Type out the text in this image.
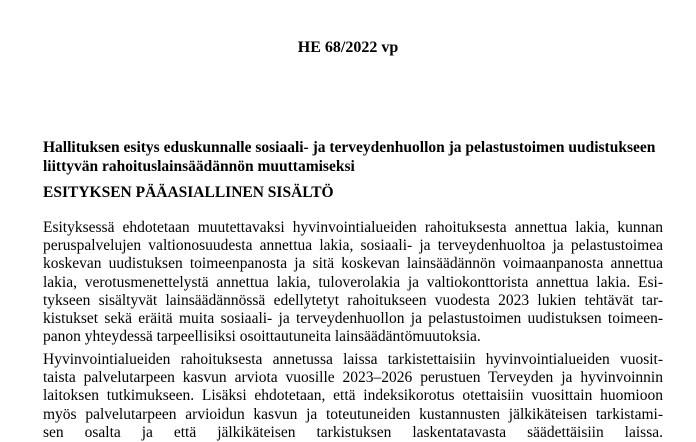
HE 68/2022 vp

Hallituksen esitys eduskunnalle sosiaali- ja terveydenhuollon ja pelastustoimen uudistukseen
liittyvän rahoituslainsäädännön muuttamiseksi
ESITYKSEN PÄÄASIALLINEN SISÄLTÖ

Esityksessä ehdotetaan muutettavaksi hyvinvointialueiden rahoituksesta annettua lakia, kunnan
peruspalvelujen valtionosuudesta annettua lakia, sosiaali- ja terveydenhuoltoa ja pelastustoimea
koskevan uudistuksen toimeenpanosta ja sitä koskevan lainsäädännön voimaanpanosta annettua
lakia, verotusmenettelystä annettua lakia, tuloverolakia ja valtiokonttorista annettua lakia. Esi-
tykseen sisältyvät lainsäädännössä edellytetyt rahoitukseen vuodesta 2023 lukien tehtävät tar-
kistukset sekä eräitä muita sosiaali- ja terveydenhuollon ja pelastustoimen uudistuksen toimeen-
panon yhteydessä tarpeellisiksi osoittautuneita lainsäädäntömuutoksia.

Hyvinvointialueiden rahoituksesta annetussa laissa tarkistettaisiin hyvinvointialueiden vuosit-
taista palvelutarpeen kasvun arviota vuosille 2023–2026 perustuen Terveyden ja hyvinvoinnin
laitoksen tutkimukseen. Lisäksi ehdotetaan, että indeksikorotus otettaisiin vuosittain huomioon
myös palvelutarpeen arvioidun kasvun ja toteutuneiden kustannusten jälkikäteisen tarkistami-
sen osalta ja että jälkikäteisen tarkistuksen laskentatavasta säädettäisiin laissa.
